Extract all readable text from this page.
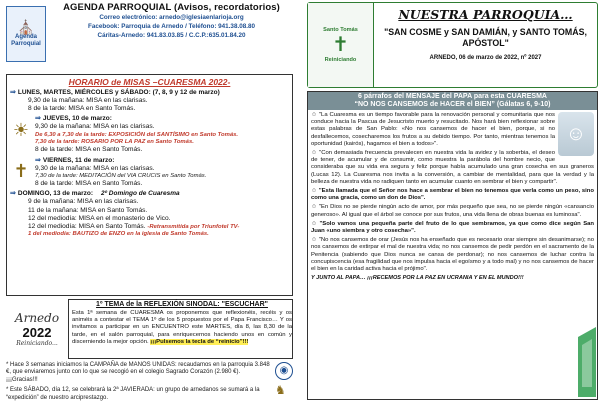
⛪
Agenda Parroquial
AGENDA PARROQUIAL (Avisos, recordatorios)
Correo electrónico: arnedo@iglesiaenlarioja.org
Facebook: Parroquia de Arnedo / Teléfono: 941.38.08.80
Cáritas-Arnedo: 941.83.03.85 / C.C.P.:635.01.84.20
HORARIO de MISAS –CUARESMA 2022-
⇒ LUNES, MARTES, MIÉRCOLES y SÁBADO: (7, 8, 9 y 12 de marzo)
9,30 de la mañana: MISA en las clarisas.
8 de la tarde: MISA en Santo Tomás.
☀
⇒ JUEVES, 10 de marzo:
9,30 de la mañana: MISA en las clarisas.
De 6,30 a 7,30 de la tarde: EXPOSICIÓN del SANTÍSIMO en Santo Tomás.
7,30 de la tarde: ROSARIO POR LA PAZ en Santo Tomás.
8 de la tarde: MISA en Santo Tomás.
✝
⇒ VIERNES, 11 de marzo:
9,30 de la mañana: MISA en las clarisas.
7,30 de la tarde: MEDITACIÓN del VIA CRUCIS en Santo Tomás.
8 de la tarde: MISA en Santo Tomás.
⇒ DOMINGO, 13 de marzo: 2º Domingo de Cuaresma
9 de la mañana: MISA en las clarisas.
11 de la mañana: MISA en Santo Tomás.
12 del mediodía: MISA en el monasterio de Vico.
12 del mediodía: MISA en Santo Tomás. -Retransmitida por Triunfotel TV-
1 del mediodía: BAUTIZO de ENZO en la iglesia de Santo Tomás.
Arnedo
2022
Reiniciando...
1º TEMA de la REFLEXIÓN SINODAL: "ESCUCHAR"
Esta 1ª semana de CUARESMA os proponemos que reflexionéis, recéis y os animéis a contestar el TEMA 1º de los 5 propuestos por el Papa Francisco… Y os invitamos a participar en un ENCUENTRO este MARTES, día 8, las 8,30 de la tarde, en el salón parroquial, para enriquecernos haciendo unos en común y discerniendo la mejor opción. ¡¡¡Pulsemos la tecla de “reinicio”!!!
* Hace 3 semanas iniciamos la CAMPAÑA de MANOS UNIDAS: recaudamos en la parroquia 3.848 €, que enviaremos junto con lo que se recogió en el colegio Sagrado Corazón (2.980 €). ¡¡¡Gracias!!!
◉
* Este SÁBADO, día 12, se celebrará la 2ª JAVIERADA: un grupo de arnedanos se sumará a la “expedición” de nuestro arciprestazgo.
♞
Santo Tomás
✝
Reiniciando
NUESTRA PARROQUIA…
"SAN COSME y SAN DAMIÁN, y SANTO TOMÁS, APÓSTOL"
ARNEDO, 06 de marzo de 2022, nº 2027
6 párrafos del MENSAJE del PAPA para esta CUARESMA
“NO NOS CANSEMOS de HACER el BIEN” (Gálatas 6, 9-10)
☺

☺ "La Cuaresma es un tiempo favorable para la renovación personal y comunitaria que nos conduce hacia la Pascua de Jesucristo muerto y resucitado. Nos hará bien reflexionar sobre estas palabras de San Pablo: «No nos cansemos de hacer el bien, porque, si no desfallecemos, cosecharemos los frutos a su debido tiempo. Por tanto, mientras tenemos la oportunidad (kairós), hagamos el bien a todos»".

☺ "Con demasiada frecuencia prevalecen en nuestra vida la avidez y la soberbia, el deseo de tener, de acumular y de consumir, como muestra la parábola del hombre necio, que consideraba que su vida era segura y feliz porque había acumulado una gran cosecha en sus graneros (Lucas 12). La Cuaresma nos invita a la conversión, a cambiar de mentalidad, para que la verdad y la belleza de nuestra vida no radiquen tanto en acumular cuanto en sembrar el bien y compartir".

☺ "Esta llamada que el Señor nos hace a sembrar el bien no tenemos que verla como un peso, sino como una gracia, como un don de Dios".

☺ "En Dios no se pierde ningún acto de amor, por más pequeño que sea, no se pierde ningún «cansancio generoso». Al igual que el árbol se conoce por sus frutos, una vida llena de obras buenas es luminosa".

☺ "Solo vamos una pequeña parte del fruto de lo que sembramos, ya que como dice según San Juan «uno siembra y otro cosecha»".

☺ "No nos cansemos de orar (Jesús nos ha enseñado que es necesario orar siempre sin desanimarse); no nos cansemos de extirpar el mal de nuestra vida; no nos cansemos de pedir perdón en el sacramento de la Penitencia (sabiendo que Dios nunca se cansa de perdonar); no nos cansemos de luchar contra la concupiscencia (esa fragilidad que nos impulsa hacia el egoísmo y a todo mal) y no nos cansemos de hacer el bien en la caridad activa hacia el prójimo".

Y JUNTO AL PAPA… ¡¡¡RECEMOS POR LA PAZ EN UCRANIA Y EN EL MUNDO!!!
